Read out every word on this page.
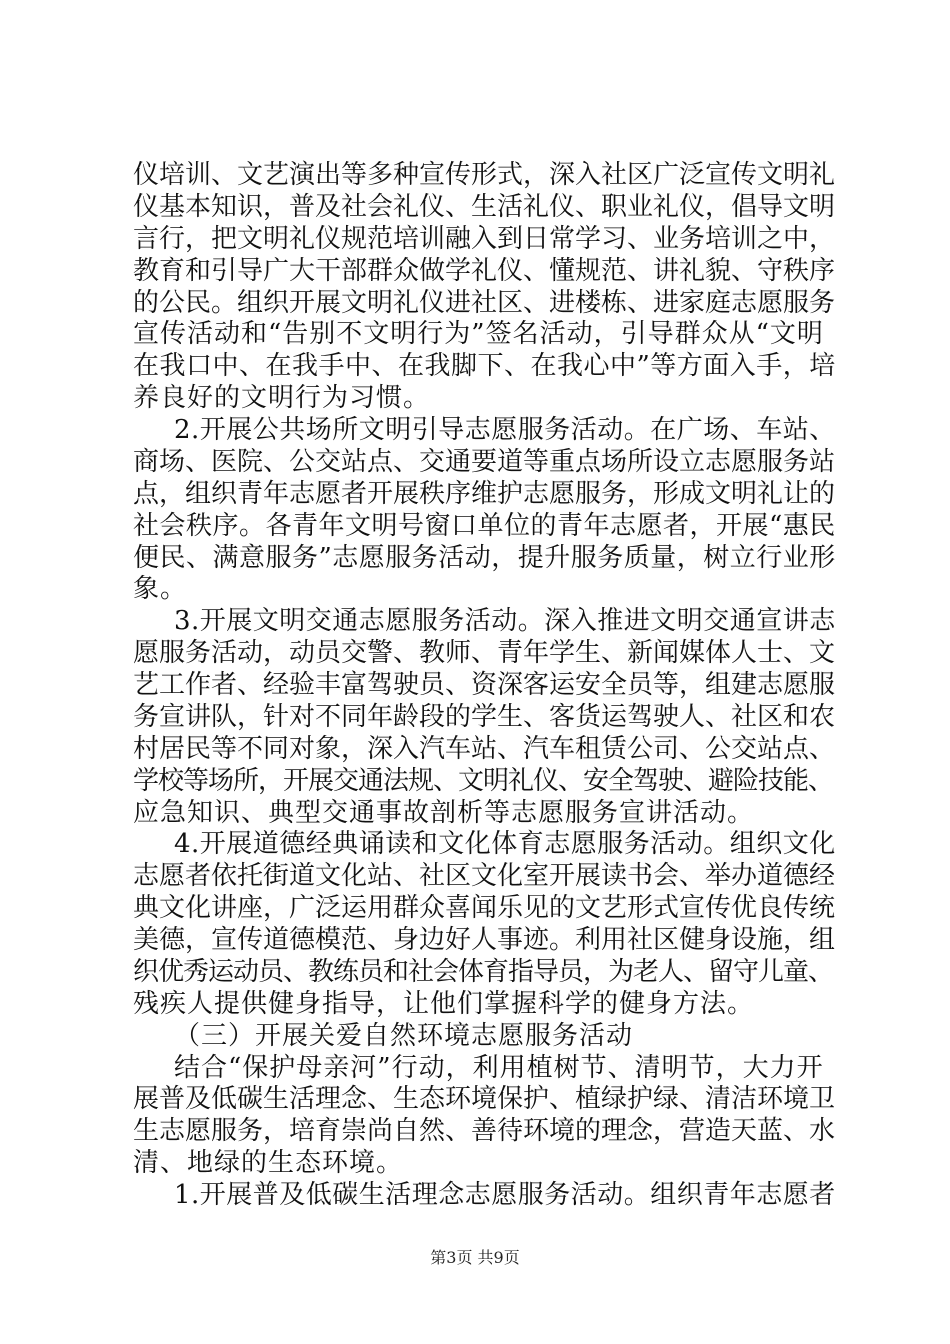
仪培训、文艺演出等多种宣传形式，深入社区广泛宣传文明礼
仪基本知识，普及社会礼仪、生活礼仪、职业礼仪，倡导文明
言行，把文明礼仪规范培训融入到日常学习、业务培训之中，
教育和引导广大干部群众做学礼仪、懂规范、讲礼貌、守秩序
的公民。组织开展文明礼仪进社区、进楼栋、进家庭志愿服务
宣传活动和“告别不文明行为”签名活动，引导群众从“文明
在我口中、在我手中、在我脚下、在我心中”等方面入手，培
养良好的文明行为习惯。
2.开展公共场所文明引导志愿服务活动。在广场、车站、
商场、医院、公交站点、交通要道等重点场所设立志愿服务站
点，组织青年志愿者开展秩序维护志愿服务，形成文明礼让的
社会秩序。各青年文明号窗口单位的青年志愿者，开展“惠民
便民、满意服务”志愿服务活动，提升服务质量，树立行业形
象。
3.开展文明交通志愿服务活动。深入推进文明交通宣讲志
愿服务活动，动员交警、教师、青年学生、新闻媒体人士、文
艺工作者、经验丰富驾驶员、资深客运安全员等，组建志愿服
务宣讲队，针对不同年龄段的学生、客货运驾驶人、社区和农
村居民等不同对象，深入汽车站、汽车租赁公司、公交站点、
学校等场所，开展交通法规、文明礼仪、安全驾驶、避险技能、
应急知识、典型交通事故剖析等志愿服务宣讲活动。
4.开展道德经典诵读和文化体育志愿服务活动。组织文化
志愿者依托街道文化站、社区文化室开展读书会、举办道德经
典文化讲座，广泛运用群众喜闻乐见的文艺形式宣传优良传统
美德，宣传道德模范、身边好人事迹。利用社区健身设施，组
织优秀运动员、教练员和社会体育指导员，为老人、留守儿童、
残疾人提供健身指导，让他们掌握科学的健身方法。
（三）开展关爱自然环境志愿服务活动
结合“保护母亲河”行动，利用植树节、清明节，大力开
展普及低碳生活理念、生态环境保护、植绿护绿、清洁环境卫
生志愿服务，培育崇尚自然、善待环境的理念，营造天蓝、水
清、地绿的生态环境。
1.开展普及低碳生活理念志愿服务活动。组织青年志愿者
第3页 共9页
